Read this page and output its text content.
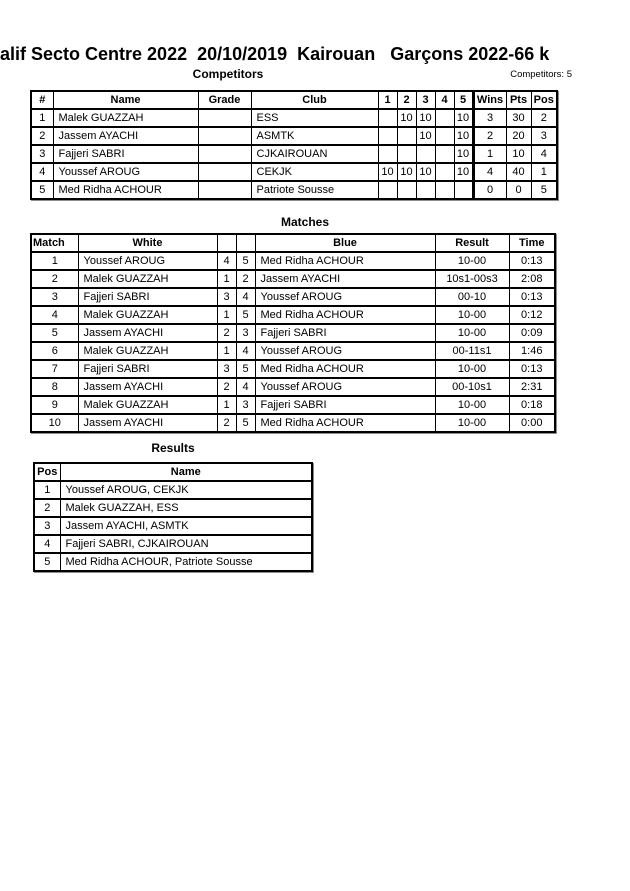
alif Secto Centre 2022  20/10/2019  Kairouan   Garçons 2022-66 k
Competitors	Competitors: 5
#	Name	Grade	Club	1	2	3	4	5	Wins	Pts	Pos
1	Malek GUAZZAH		ESS		10	10		10	3	30	2
2	Jassem AYACHI		ASMTK			10		10	2	20	3
3	Fajjeri SABRI		CJKAIROUAN					10	1	10	4
4	Youssef AROUG		CEKJK	10	10	10		10	4	40	1
5	Med Ridha ACHOUR		Patriote Sousse						0	0	5
Matches
Match	White			Blue	Result	Time
1	Youssef AROUG	4	5	Med Ridha ACHOUR	10-00	0:13
2	Malek GUAZZAH	1	2	Jassem AYACHI	10s1-00s3	2:08
3	Fajjeri SABRI	3	4	Youssef AROUG	00-10	0:13
4	Malek GUAZZAH	1	5	Med Ridha ACHOUR	10-00	0:12
5	Jassem AYACHI	2	3	Fajjeri SABRI	10-00	0:09
6	Malek GUAZZAH	1	4	Youssef AROUG	00-11s1	1:46
7	Fajjeri SABRI	3	5	Med Ridha ACHOUR	10-00	0:13
8	Jassem AYACHI	2	4	Youssef AROUG	00-10s1	2:31
9	Malek GUAZZAH	1	3	Fajjeri SABRI	10-00	0:18
10	Jassem AYACHI	2	5	Med Ridha ACHOUR	10-00	0:00
Results
Pos	Name
1	Youssef AROUG, CEKJK
2	Malek GUAZZAH, ESS
3	Jassem AYACHI, ASMTK
4	Fajjeri SABRI, CJKAIROUAN
5	Med Ridha ACHOUR, Patriote Sousse
